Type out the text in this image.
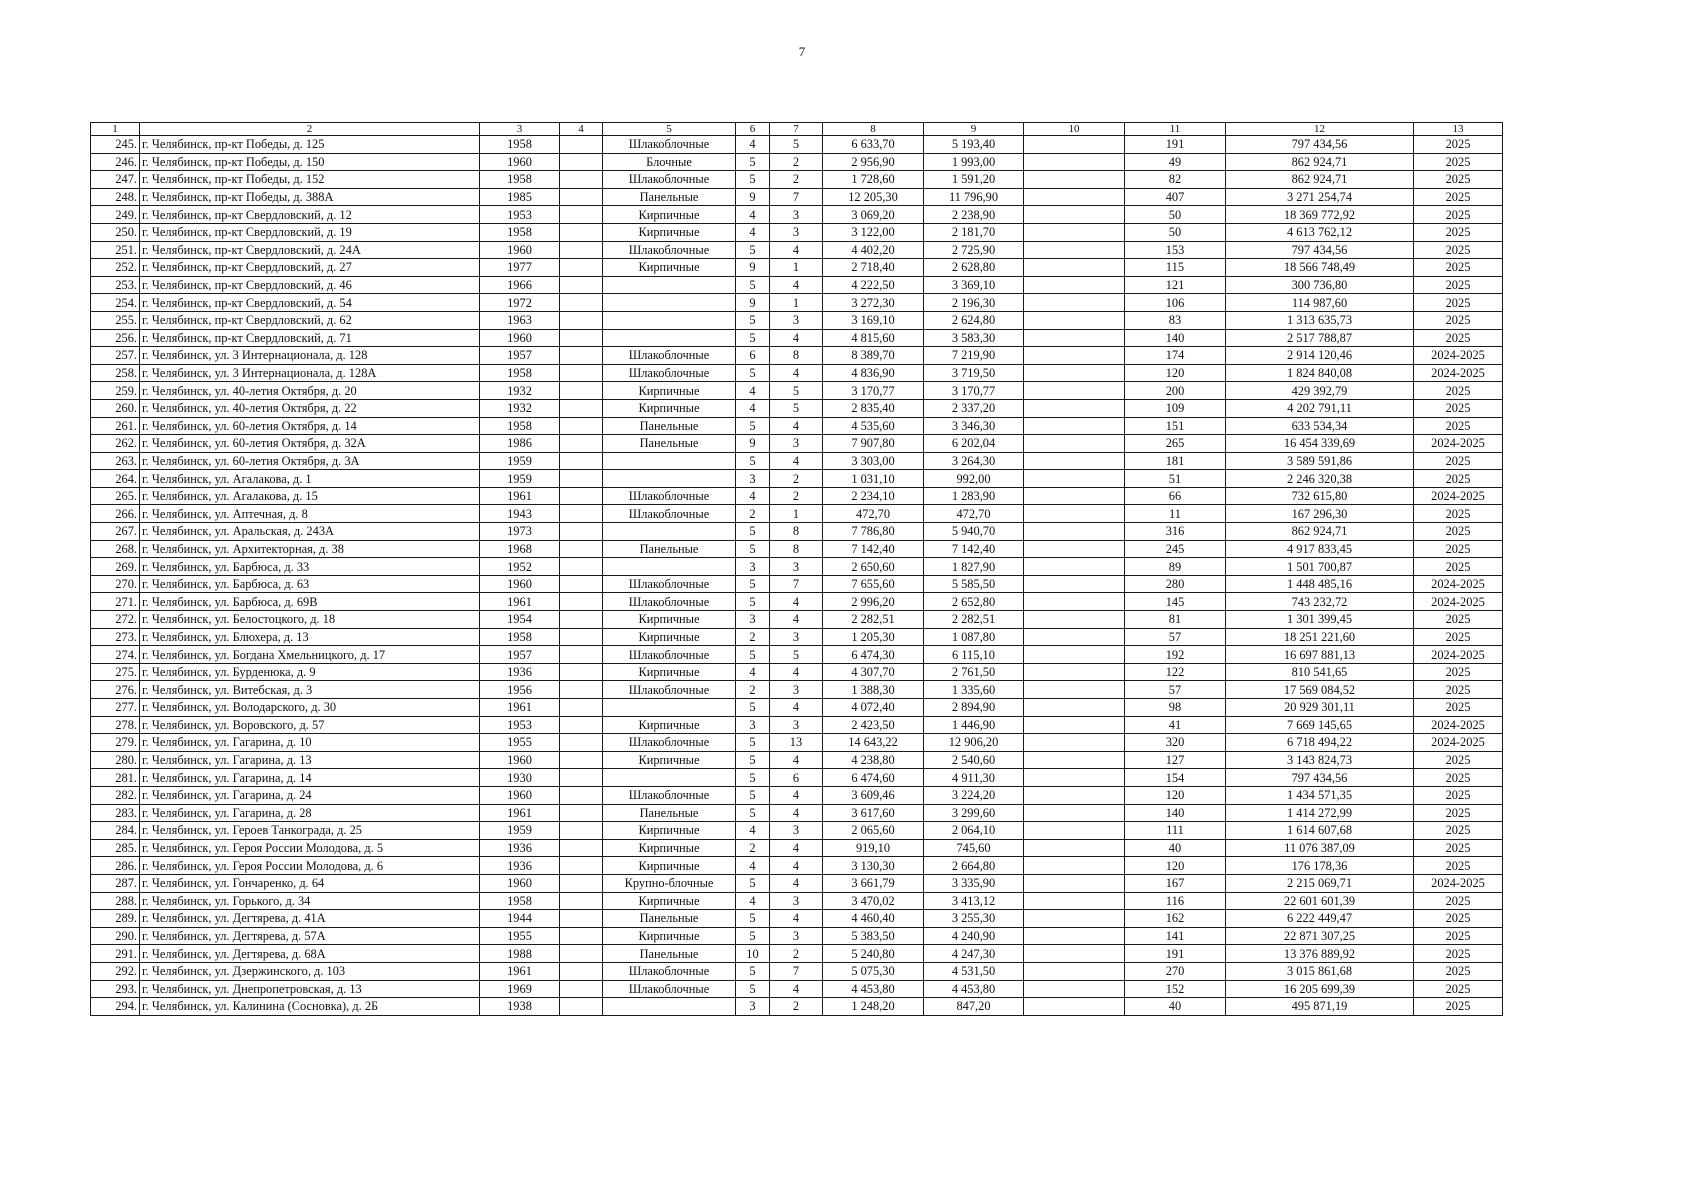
7
1	2	3	4	5	6	7	8	9	10	11	12	13
245.	г. Челябинск, пр-кт Победы, д. 125	1958		Шлакоблочные	4	5	6 633,70	5 193,40		191	797 434,56	2025
246.	г. Челябинск, пр-кт Победы, д. 150	1960		Блочные	5	2	2 956,90	1 993,00		49	862 924,71	2025
247.	г. Челябинск, пр-кт Победы, д. 152	1958		Шлакоблочные	5	2	1 728,60	1 591,20		82	862 924,71	2025
248.	г. Челябинск, пр-кт Победы, д. 388А	1985		Панельные	9	7	12 205,30	11 796,90		407	3 271 254,74	2025
249.	г. Челябинск, пр-кт Свердловский, д. 12	1953		Кирпичные	4	3	3 069,20	2 238,90		50	18 369 772,92	2025
250.	г. Челябинск, пр-кт Свердловский, д. 19	1958		Кирпичные	4	3	3 122,00	2 181,70		50	4 613 762,12	2025
251.	г. Челябинск, пр-кт Свердловский, д. 24А	1960		Шлакоблочные	5	4	4 402,20	2 725,90		153	797 434,56	2025
252.	г. Челябинск, пр-кт Свердловский, д. 27	1977		Кирпичные	9	1	2 718,40	2 628,80		115	18 566 748,49	2025
253.	г. Челябинск, пр-кт Свердловский, д. 46	1966			5	4	4 222,50	3 369,10		121	300 736,80	2025
254.	г. Челябинск, пр-кт Свердловский, д. 54	1972			9	1	3 272,30	2 196,30		106	114 987,60	2025
255.	г. Челябинск, пр-кт Свердловский, д. 62	1963			5	3	3 169,10	2 624,80		83	1 313 635,73	2025
256.	г. Челябинск, пр-кт Свердловский, д. 71	1960			5	4	4 815,60	3 583,30		140	2 517 788,87	2025
257.	г. Челябинск, ул. 3 Интернационала, д. 128	1957		Шлакоблочные	6	8	8 389,70	7 219,90		174	2 914 120,46	2024-2025
258.	г. Челябинск, ул. 3 Интернационала, д. 128А	1958		Шлакоблочные	5	4	4 836,90	3 719,50		120	1 824 840,08	2024-2025
259.	г. Челябинск, ул. 40-летия Октября, д. 20	1932		Кирпичные	4	5	3 170,77	3 170,77		200	429 392,79	2025
260.	г. Челябинск, ул. 40-летия Октября, д. 22	1932		Кирпичные	4	5	2 835,40	2 337,20		109	4 202 791,11	2025
261.	г. Челябинск, ул. 60-летия Октября, д. 14	1958		Панельные	5	4	4 535,60	3 346,30		151	633 534,34	2025
262.	г. Челябинск, ул. 60-летия Октября, д. 32А	1986		Панельные	9	3	7 907,80	6 202,04		265	16 454 339,69	2024-2025
263.	г. Челябинск, ул. 60-летия Октября, д. 3А	1959			5	4	3 303,00	3 264,30		181	3 589 591,86	2025
264.	г. Челябинск, ул. Агалакова, д. 1	1959			3	2	1 031,10	992,00		51	2 246 320,38	2025
265.	г. Челябинск, ул. Агалакова, д. 15	1961		Шлакоблочные	4	2	2 234,10	1 283,90		66	732 615,80	2024-2025
266.	г. Челябинск, ул. Аптечная, д. 8	1943		Шлакоблочные	2	1	472,70	472,70		11	167 296,30	2025
267.	г. Челябинск, ул. Аральская, д. 243А	1973			5	8	7 786,80	5 940,70		316	862 924,71	2025
268.	г. Челябинск, ул. Архитекторная, д. 38	1968		Панельные	5	8	7 142,40	7 142,40		245	4 917 833,45	2025
269.	г. Челябинск, ул. Барбюса, д. 33	1952			3	3	2 650,60	1 827,90		89	1 501 700,87	2025
270.	г. Челябинск, ул. Барбюса, д. 63	1960		Шлакоблочные	5	7	7 655,60	5 585,50		280	1 448 485,16	2024-2025
271.	г. Челябинск, ул. Барбюса, д. 69В	1961		Шлакоблочные	5	4	2 996,20	2 652,80		145	743 232,72	2024-2025
272.	г. Челябинск, ул. Белостоцкого, д. 18	1954		Кирпичные	3	4	2 282,51	2 282,51		81	1 301 399,45	2025
273.	г. Челябинск, ул. Блюхера, д. 13	1958		Кирпичные	2	3	1 205,30	1 087,80		57	18 251 221,60	2025
274.	г. Челябинск, ул. Богдана Хмельницкого, д. 17	1957		Шлакоблочные	5	5	6 474,30	6 115,10		192	16 697 881,13	2024-2025
275.	г. Челябинск, ул. Бурденюка, д. 9	1936		Кирпичные	4	4	4 307,70	2 761,50		122	810 541,65	2025
276.	г. Челябинск, ул. Витебская, д. 3	1956		Шлакоблочные	2	3	1 388,30	1 335,60		57	17 569 084,52	2025
277.	г. Челябинск, ул. Володарского, д. 30	1961			5	4	4 072,40	2 894,90		98	20 929 301,11	2025
278.	г. Челябинск, ул. Воровского, д. 57	1953		Кирпичные	3	3	2 423,50	1 446,90		41	7 669 145,65	2024-2025
279.	г. Челябинск, ул. Гагарина, д. 10	1955		Шлакоблочные	5	13	14 643,22	12 906,20		320	6 718 494,22	2024-2025
280.	г. Челябинск, ул. Гагарина, д. 13	1960		Кирпичные	5	4	4 238,80	2 540,60		127	3 143 824,73	2025
281.	г. Челябинск, ул. Гагарина, д. 14	1930			5	6	6 474,60	4 911,30		154	797 434,56	2025
282.	г. Челябинск, ул. Гагарина, д. 24	1960		Шлакоблочные	5	4	3 609,46	3 224,20		120	1 434 571,35	2025
283.	г. Челябинск, ул. Гагарина, д. 28	1961		Панельные	5	4	3 617,60	3 299,60		140	1 414 272,99	2025
284.	г. Челябинск, ул. Героев Танкограда, д. 25	1959		Кирпичные	4	3	2 065,60	2 064,10		111	1 614 607,68	2025
285.	г. Челябинск, ул. Героя России Молодова, д. 5	1936		Кирпичные	2	4	919,10	745,60		40	11 076 387,09	2025
286.	г. Челябинск, ул. Героя России Молодова, д. 6	1936		Кирпичные	4	4	3 130,30	2 664,80		120	176 178,36	2025
287.	г. Челябинск, ул. Гончаренко, д. 64	1960		Крупно-блочные	5	4	3 661,79	3 335,90		167	2 215 069,71	2024-2025
288.	г. Челябинск, ул. Горького, д. 34	1958		Кирпичные	4	3	3 470,02	3 413,12		116	22 601 601,39	2025
289.	г. Челябинск, ул. Дегтярева, д. 41А	1944		Панельные	5	4	4 460,40	3 255,30		162	6 222 449,47	2025
290.	г. Челябинск, ул. Дегтярева, д. 57А	1955		Кирпичные	5	3	5 383,50	4 240,90		141	22 871 307,25	2025
291.	г. Челябинск, ул. Дегтярева, д. 68А	1988		Панельные	10	2	5 240,80	4 247,30		191	13 376 889,92	2025
292.	г. Челябинск, ул. Дзержинского, д. 103	1961		Шлакоблочные	5	7	5 075,30	4 531,50		270	3 015 861,68	2025
293.	г. Челябинск, ул. Днепропетровская, д. 13	1969		Шлакоблочные	5	4	4 453,80	4 453,80		152	16 205 699,39	2025
294.	г. Челябинск, ул. Калинина (Сосновка), д. 2Б	1938			3	2	1 248,20	847,20		40	495 871,19	2025
